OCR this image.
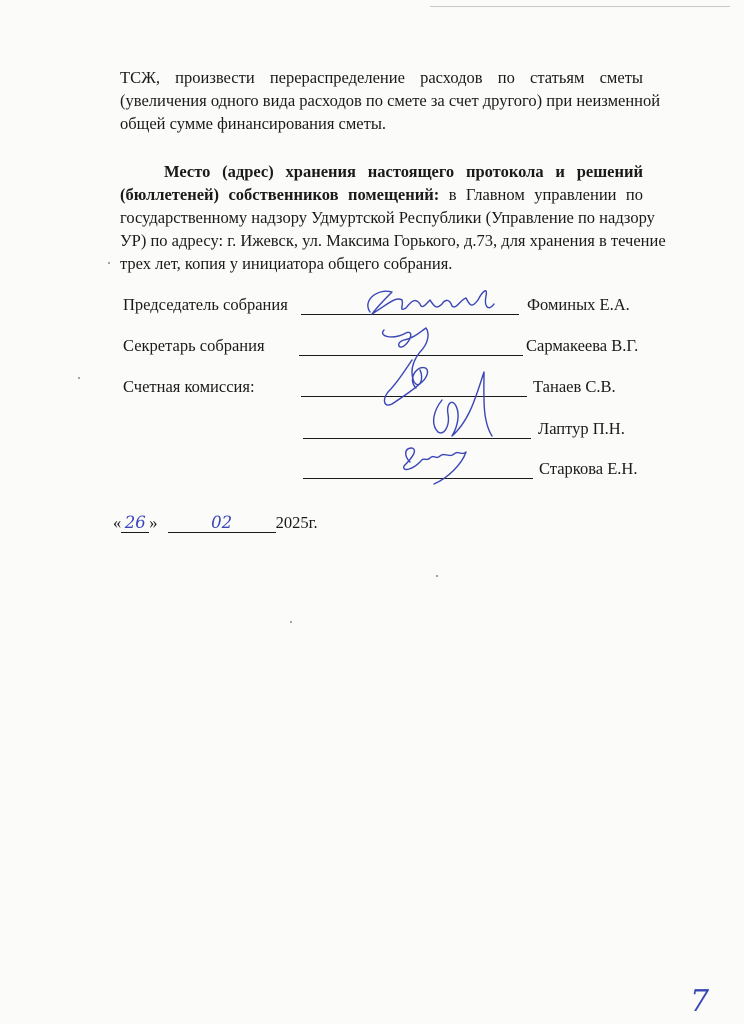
ТСЖ, произвести перераспределение расходов по статьям сметы
(увеличения одного вида расходов по смете за счет другого) при неизменной
общей сумме финансирования сметы.
Место (адрес) хранения настоящего протокола и решений
(бюллетеней) собственников помещений: в Главном управлении по
государственному надзору Удмуртской Республики (Управление по надзору
УР) по адресу: г. Ижевск, ул. Максима Горького, д.73, для хранения в течение
трех лет, копия у инициатора общего собрания.
Председатель собрания	Фоминых Е.А.
Секретарь собрания	Сармакеева В.Г.
Счетная комиссия:	Танаев С.В.
Лаптур П.Н.
Старкова Е.Н.
« 26 »	02	2025г.
7
